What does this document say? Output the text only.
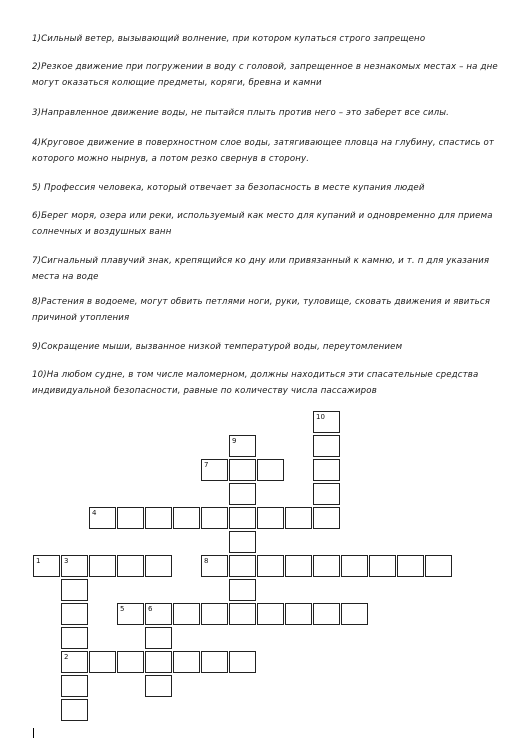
1)Сильный ветер, вызывающий волнение, при котором купаться строго запрещено
2)Резкое движение при погружении в воду с головой, запрещенное в незнакомых местах – на дне могут оказаться колющие предметы, коряги, бревна и камни
3)Направленное движение воды, не пытайся плыть против него – это заберет все силы.
4)Круговое движение в поверхностном слое воды, затягивающее пловца на глубину, спастись от которого можно нырнув, а потом резко свернув в сторону.
5) Профессия человека, который отвечает за безопасность в месте купания людей
6)Берег моря, озера или реки, используемый как место для купаний и одновременно для приема солнечных и воздушных ванн
7)Сигнальный плавучий знак, крепящийся ко дну или привязанный к камню, и т. п для указания места на воде
8)Растения в водоеме, могут обвить петлями ноги, руки, туловище, сковать движения и явиться причиной утопления
9)Сокращение мыши, вызванное низкой температурой воды, переутомлением
10)На любом судне, в том числе маломерном, должны находиться эти спасательные средства индивидуальной безопасности, равные по количеству числа пассажиров
10
9
7
4
1	3	8
5	6
2
